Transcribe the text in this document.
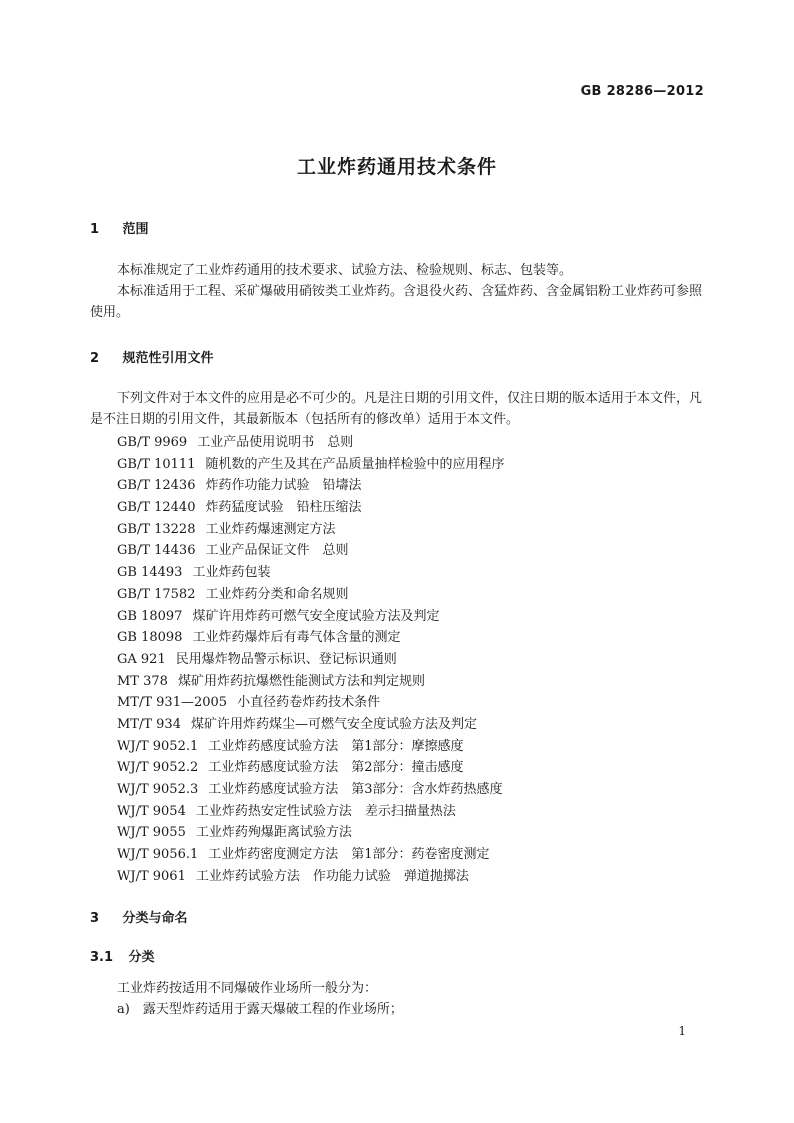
GB 28286—2012
工业炸药通用技术条件
1 范围
本标准规定了工业炸药通用的技术要求、试验方法、检验规则、标志、包装等。
本标准适用于工程、采矿爆破用硝铵类工业炸药。含退役火药、含猛炸药、含金属铝粉工业炸药可参照使用。
2 规范性引用文件
下列文件对于本文件的应用是必不可少的。凡是注日期的引用文件，仅注日期的版本适用于本文件，凡是不注日期的引用文件，其最新版本（包括所有的修改单）适用于本文件。
GB/T 9969 工业产品使用说明书　总则
GB/T 10111 随机数的产生及其在产品质量抽样检验中的应用程序
GB/T 12436 炸药作功能力试验　铅壔法
GB/T 12440 炸药猛度试验　铅柱压缩法
GB/T 13228 工业炸药爆速测定方法
GB/T 14436 工业产品保证文件　总则
GB 14493 工业炸药包装
GB/T 17582 工业炸药分类和命名规则
GB 18097 煤矿许用炸药可燃气安全度试验方法及判定
GB 18098 工业炸药爆炸后有毒气体含量的测定
GA 921 民用爆炸物品警示标识、登记标识通则
MT 378 煤矿用炸药抗爆燃性能测试方法和判定规则
MT/T 931—2005 小直径药卷炸药技术条件
MT/T 934 煤矿许用炸药煤尘—可燃气安全度试验方法及判定
WJ/T 9052.1 工业炸药感度试验方法　第1部分：摩擦感度
WJ/T 9052.2 工业炸药感度试验方法　第2部分：撞击感度
WJ/T 9052.3 工业炸药感度试验方法　第3部分：含水炸药热感度
WJ/T 9054 工业炸药热安定性试验方法　差示扫描量热法
WJ/T 9055 工业炸药殉爆距离试验方法
WJ/T 9056.1 工业炸药密度测定方法　第1部分：药卷密度测定
WJ/T 9061 工业炸药试验方法　作功能力试验　弹道抛掷法
3 分类与命名
3.1 分类
工业炸药按适用不同爆破作业场所一般分为：
a)　露天型炸药适用于露天爆破工程的作业场所；
1
